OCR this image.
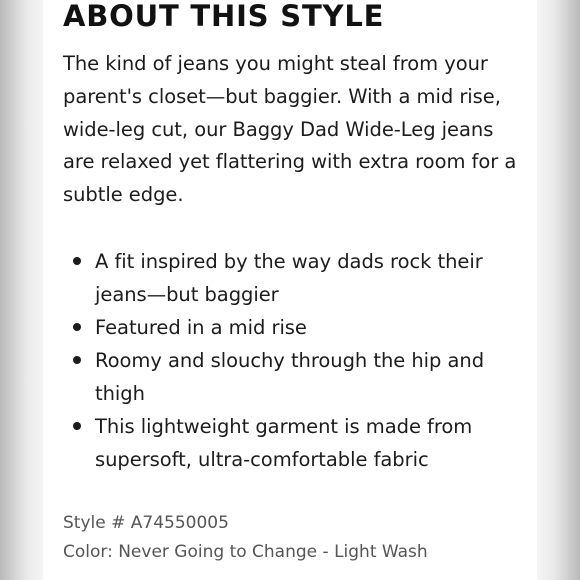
ABOUT THIS STYLE

The kind of jeans you might steal from your parent's closet—but baggier. With a mid rise, wide-leg cut, our Baggy Dad Wide-Leg jeans are relaxed yet flattering with extra room for a subtle edge.

A fit inspired by the way dads rock their jeans—but baggier
Featured in a mid rise
Roomy and slouchy through the hip and thigh
This lightweight garment is made from supersoft, ultra-comfortable fabric
Style # A74550005
Color: Never Going to Change - Light Wash
